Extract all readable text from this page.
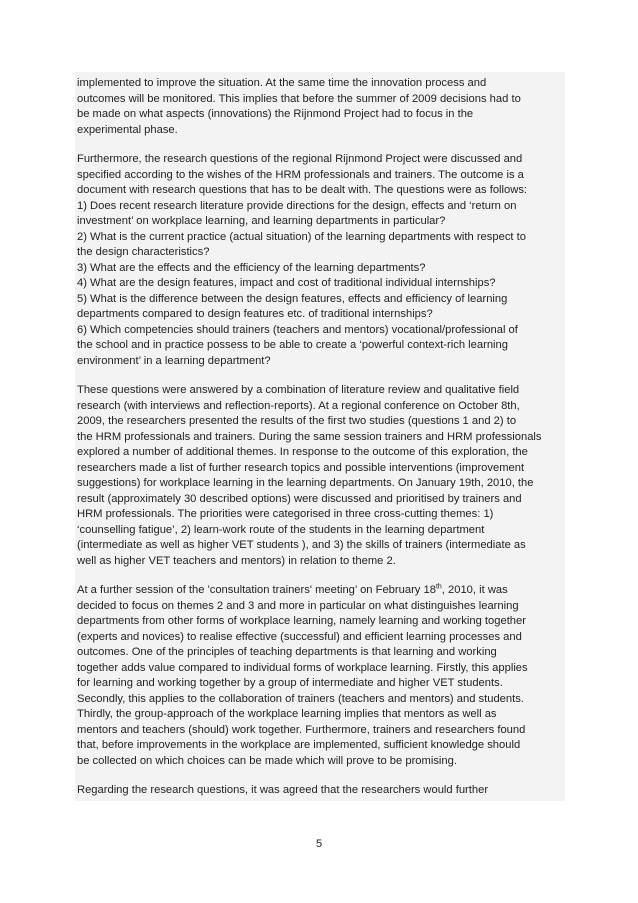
implemented to improve the situation. At the same time the innovation process and
outcomes will be monitored. This implies that before the summer of 2009 decisions had to
be made on what aspects (innovations) the Rijnmond Project had to focus in the
experimental phase.

Furthermore, the research questions of the regional Rijnmond Project were discussed and
specified according to the wishes of the HRM professionals and trainers. The outcome is a
document with research questions that has to be dealt with. The questions were as follows:
1) Does recent research literature provide directions for the design, effects and ‘return on
investment’ on workplace learning, and learning departments in particular?
2) What is the current practice (actual situation) of the learning departments with respect to
the design characteristics?
3) What are the effects and the efficiency of the learning departments?
4) What are the design features, impact and cost of traditional individual internships?
5) What is the difference between the design features, effects and efficiency of learning
departments compared to design features etc. of traditional internships?
6) Which competencies should trainers (teachers and mentors) vocational/professional of
the school and in practice possess to be able to create a ‘powerful context-rich learning
environment’ in a learning department?

These questions were answered by a combination of literature review and qualitative field
research (with interviews and reflection-reports). At a regional conference on October 8th,
2009, the researchers presented the results of the first two studies (questions 1 and 2) to
the HRM professionals and trainers. During the same session trainers and HRM professionals
explored a number of additional themes. In response to the outcome of this exploration, the
researchers made a list of further research topics and possible interventions (improvement
suggestions) for workplace learning in the learning departments. On January 19th, 2010, the
result (approximately 30 described options) were discussed and prioritised by trainers and
HRM professionals. The priorities were categorised in three cross-cutting themes: 1)
‘counselling fatigue’, 2) learn-work route of the students in the learning department
(intermediate as well as higher VET students ), and 3) the skills of trainers (intermediate as
well as higher VET teachers and mentors) in relation to theme 2.

At a further session of the 'consultation trainers' meeting’ on February 18th, 2010, it was
decided to focus on themes 2 and 3 and more in particular on what distinguishes learning
departments from other forms of workplace learning, namely learning and working together
(experts and novices) to realise effective (successful) and efficient learning processes and
outcomes. One of the principles of teaching departments is that learning and working
together adds value compared to individual forms of workplace learning. Firstly, this applies
for learning and working together by a group of intermediate and higher VET students.
Secondly, this applies to the collaboration of trainers (teachers and mentors) and students.
Thirdly, the group-approach of the workplace learning implies that mentors as well as
mentors and teachers (should) work together. Furthermore, trainers and researchers found
that, before improvements in the workplace are implemented, sufficient knowledge should
be collected on which choices can be made which will prove to be promising.

Regarding the research questions, it was agreed that the researchers would further

5
